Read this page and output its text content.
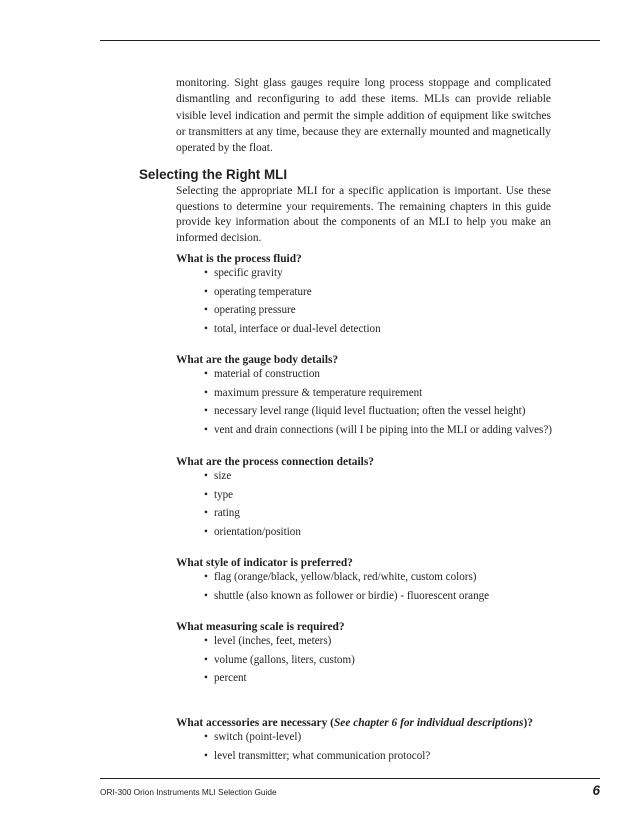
monitoring. Sight glass gauges require long process stoppage and complicated dismantling and reconfiguring to add these items. MLIs can provide reliable visible level indication and permit the simple addition of equipment like switches or transmitters at any time, because they are externally mounted and magnetically operated by the float.

Selecting the Right MLI

Selecting the appropriate MLI for a specific application is important. Use these questions to determine your requirements. The remaining chapters in this guide provide key information about the components of an MLI to help you make an informed decision.

What is the process fluid?

• specific gravity
• operating temperature
• operating pressure
• total, interface or dual-level detection

What are the gauge body details?

• material of construction
• maximum pressure & temperature requirement
• necessary level range (liquid level fluctuation; often the vessel height)
• vent and drain connections (will I be piping into the MLI or adding valves?)

What are the process connection details?

• size
• type
• rating
• orientation/position

What style of indicator is preferred?

• flag (orange/black, yellow/black, red/white, custom colors)
• shuttle (also known as follower or birdie) - fluorescent orange

What measuring scale is required?

• level (inches, feet, meters)
• volume (gallons, liters, custom)
• percent

What accessories are necessary (See chapter 6 for individual descriptions)?

• switch (point-level)
• level transmitter; what communication protocol?

ORI-300 Orion Instruments MLI Selection Guide	6
